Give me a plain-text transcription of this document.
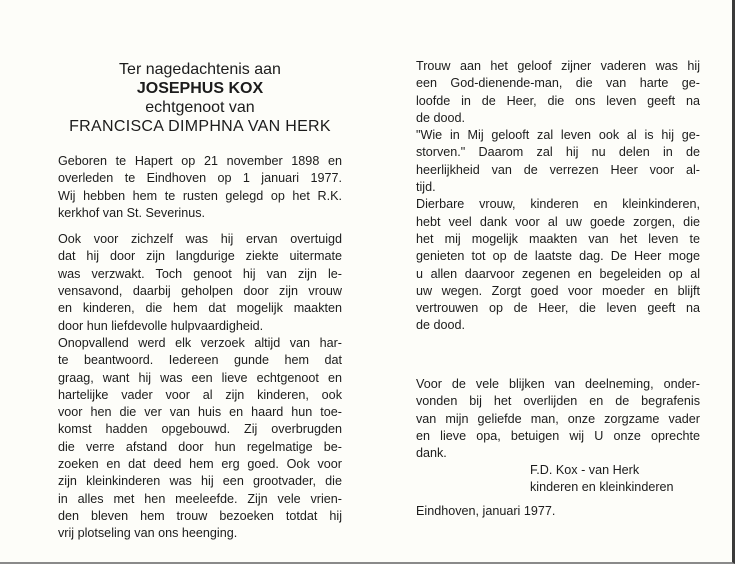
Ter nagedachtenis aan
JOSEPHUS KOX
echtgenoot van
FRANCISCA DIMPHNA VAN HERK
Geboren te Hapert op 21 november 1898 en
overleden te Eindhoven op 1 januari 1977.
Wij hebben hem te rusten gelegd op het R.K.
kerkhof van St. Severinus.
Ook voor zichzelf was hij ervan overtuigd
dat hij door zijn langdurige ziekte uitermate
was verzwakt. Toch genoot hij van zijn le-
vensavond, daarbij geholpen door zijn vrouw
en kinderen, die hem dat mogelijk maakten
door hun liefdevolle hulpvaardigheid.
Onopvallend werd elk verzoek altijd van har-
te beantwoord. Iedereen gunde hem dat
graag, want hij was een lieve echtgenoot en
hartelijke vader voor al zijn kinderen, ook
voor hen die ver van huis en haard hun toe-
komst hadden opgebouwd. Zij overbrugden
die verre afstand door hun regelmatige be-
zoeken en dat deed hem erg goed. Ook voor
zijn kleinkinderen was hij een grootvader, die
in alles met hen meeleefde. Zijn vele vrien-
den bleven hem trouw bezoeken totdat hij
vrij plotseling van ons heenging.
Trouw aan het geloof zijner vaderen was hij
een God-dienende-man, die van harte ge-
loofde in de Heer, die ons leven geeft na
de dood.
"Wie in Mij gelooft zal leven ook al is hij ge-
storven." Daarom zal hij nu delen in de
heerlijkheid van de verrezen Heer voor al-
tijd.
Dierbare vrouw, kinderen en kleinkinderen,
hebt veel dank voor al uw goede zorgen, die
het mij mogelijk maakten van het leven te
genieten tot op de laatste dag. De Heer moge
u allen daarvoor zegenen en begeleiden op al
uw wegen. Zorgt goed voor moeder en blijft
vertrouwen op de Heer, die leven geeft na
de dood.
Voor de vele blijken van deelneming, onder-
vonden bij het overlijden en de begrafenis
van mijn geliefde man, onze zorgzame vader
en lieve opa, betuigen wij U onze oprechte
dank.
F.D. Kox - van Herk
kinderen en kleinkinderen
Eindhoven, januari 1977.
